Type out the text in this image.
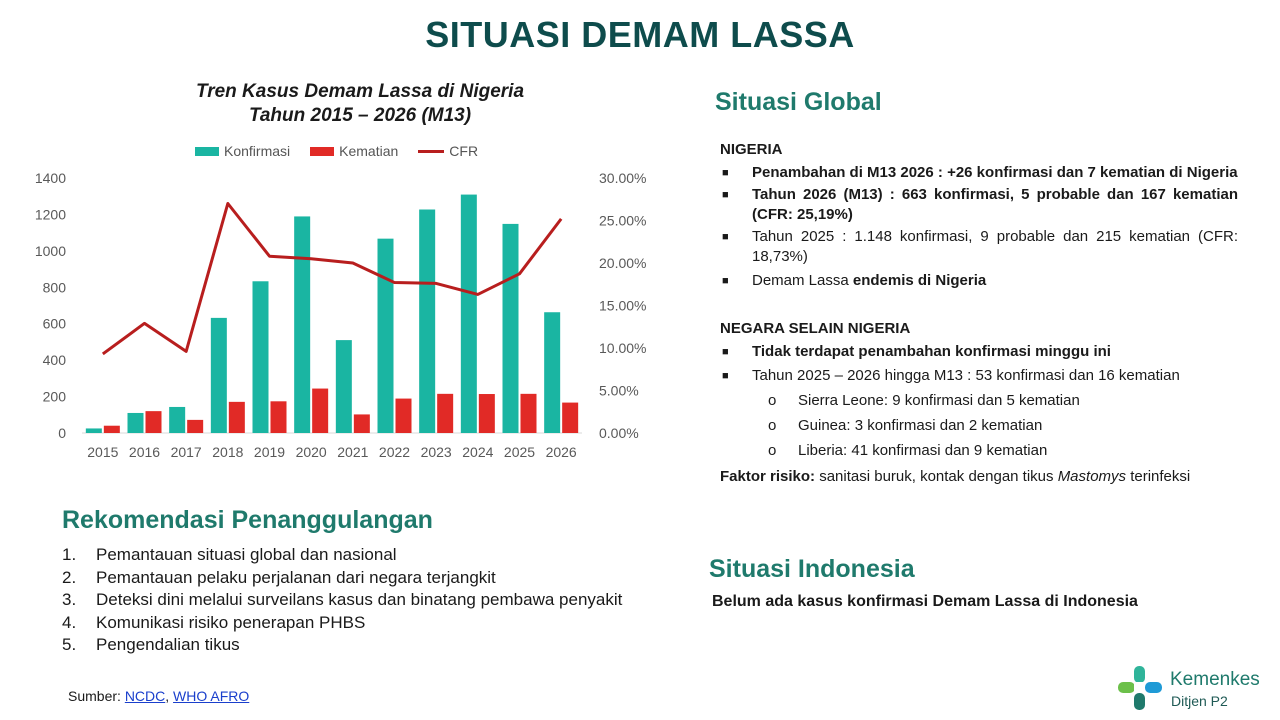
SITUASI DEMAM LASSA
Tren Kasus Demam Lassa di Nigeria
Tahun 2015 – 2026 (M13)
Konfirmasi	Kematian	CFR
0
200
400
600
800
1000
1200
1400
0.00%
5.00%
10.00%
15.00%
20.00%
25.00%
30.00%
2015 2016 2017 2018 2019 2020 2021 2022 2023 2024 2025 2026
Rekomendasi Penanggulangan
1.	Pemantauan situasi global dan nasional
2.	Pemantauan pelaku perjalanan dari negara terjangkit
3.	Deteksi dini melalui surveilans kasus dan binatang pembawa penyakit
4.	Komunikasi risiko penerapan PHBS
5.	Pengendalian tikus
Sumber: NCDC, WHO AFRO
Situasi Global
NIGERIA
■	Penambahan di M13 2026 : +26 konfirmasi dan 7 kematian di Nigeria
■	Tahun 2026 (M13) : 663 konfirmasi, 5 probable dan 167 kematian (CFR: 25,19%)
■	Tahun 2025 : 1.148 konfirmasi, 9 probable dan 215 kematian (CFR: 18,73%)
■	Demam Lassa endemis di Nigeria
NEGARA SELAIN NIGERIA
■	Tidak terdapat penambahan konfirmasi minggu ini
■	Tahun 2025 – 2026 hingga M13 : 53 konfirmasi dan 16 kematian
o	Sierra Leone: 9 konfirmasi dan 5 kematian
o	Guinea: 3 konfirmasi dan 2 kematian
o	Liberia: 41 konfirmasi dan 9 kematian
Faktor risiko: sanitasi buruk, kontak dengan tikus Mastomys terinfeksi
Situasi Indonesia
Belum ada kasus konfirmasi Demam Lassa di Indonesia
Kemenkes
Ditjen P2
